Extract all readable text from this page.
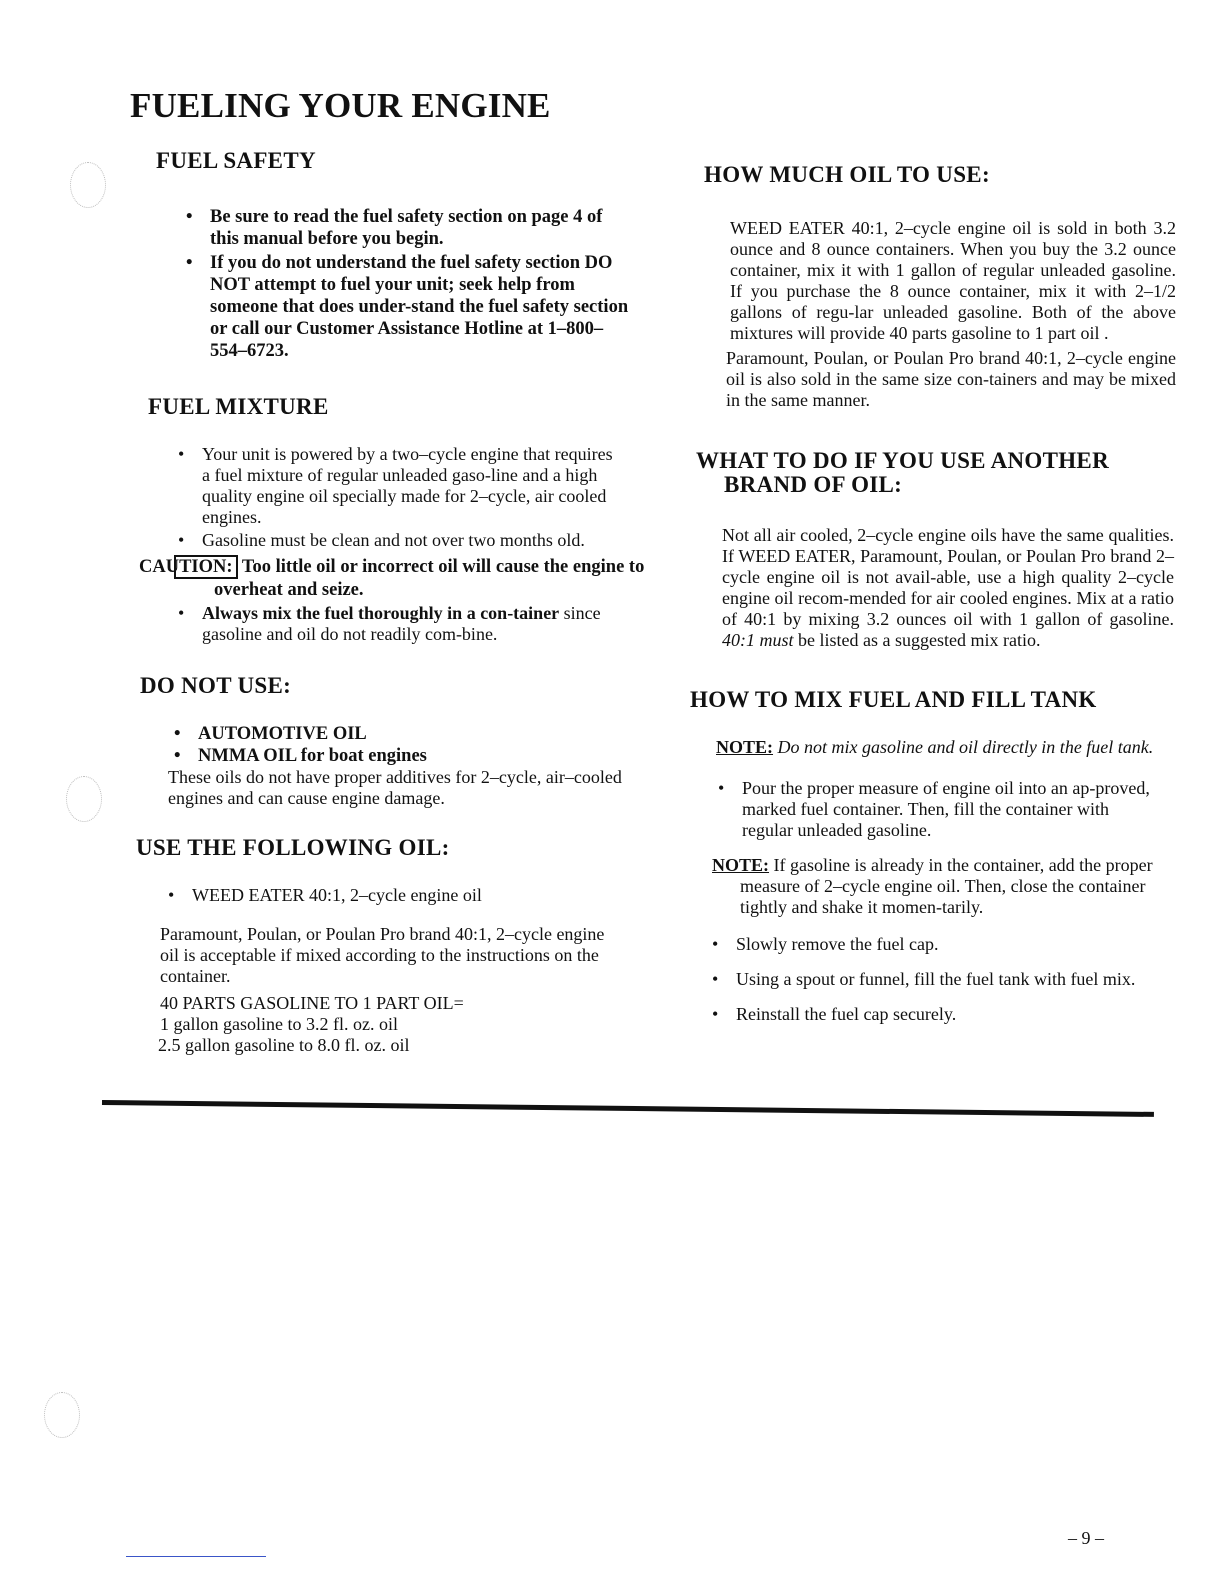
FUELING YOUR ENGINE
FUEL SAFETY
• Be sure to read the fuel safety section on page 4 of this manual before you begin.
• If you do not understand the fuel safety section DO NOT attempt to fuel your unit; seek help from someone that does under-stand the fuel safety section or call our Customer Assistance Hotline at 1–800–554–6723.
FUEL MIXTURE
• Your unit is powered by a two–cycle engine that requires a fuel mixture of regular unleaded gaso-line and a high quality engine oil specially made for 2–cycle, air cooled engines.
• Gasoline must be clean and not over two months old.
CAUTION: Too little oil or incorrect oil will cause the engine to overheat and seize.
• Always mix the fuel thoroughly in a con-tainer since gasoline and oil do not readily com-bine.
DO NOT USE:
• AUTOMOTIVE OIL
• NMMA OIL for boat engines
These oils do not have proper additives for 2–cycle, air–cooled engines and can cause engine damage.
USE THE FOLLOWING OIL:
• WEED EATER 40:1, 2–cycle engine oil
Paramount, Poulan, or Poulan Pro brand 40:1, 2–cycle engine oil is acceptable if mixed according to the instructions on the container.
40 PARTS GASOLINE TO 1 PART OIL=
1 gallon gasoline to 3.2 fl. oz. oil
2.5 gallon gasoline to 8.0 fl. oz. oil
HOW MUCH OIL TO USE:
WEED EATER 40:1, 2–cycle engine oil is sold in both 3.2 ounce and 8 ounce containers. When you buy the 3.2 ounce container, mix it with 1 gallon of regular unleaded gasoline. If you purchase the 8 ounce container, mix it with 2–1/2 gallons of regu-lar unleaded gasoline. Both of the above mixtures will provide 40 parts gasoline to 1 part oil .
Paramount, Poulan, or Poulan Pro brand 40:1, 2–cycle engine oil is also sold in the same size con-tainers and may be mixed in the same manner.
WHAT TO DO IF YOU USE ANOTHER
BRAND OF OIL:
Not all air cooled, 2–cycle engine oils have the same qualities. If WEED EATER, Paramount, Poulan, or Poulan Pro brand 2–cycle engine oil is not avail-able, use a high quality 2–cycle engine oil recom-mended for air cooled engines. Mix at a ratio of 40:1 by mixing 3.2 ounces oil with 1 gallon of gasoline. 40:1 must be listed as a suggested mix ratio.
HOW TO MIX FUEL AND FILL TANK
NOTE: Do not mix gasoline and oil directly in the fuel tank.
• Pour the proper measure of engine oil into an ap-proved, marked fuel container. Then, fill the container with regular unleaded gasoline.
NOTE: If gasoline is already in the container, add the proper measure of 2–cycle engine oil. Then, close the container tightly and shake it momen-tarily.
• Slowly remove the fuel cap.
• Using a spout or funnel, fill the fuel tank with fuel mix.
• Reinstall the fuel cap securely.
– 9 –
